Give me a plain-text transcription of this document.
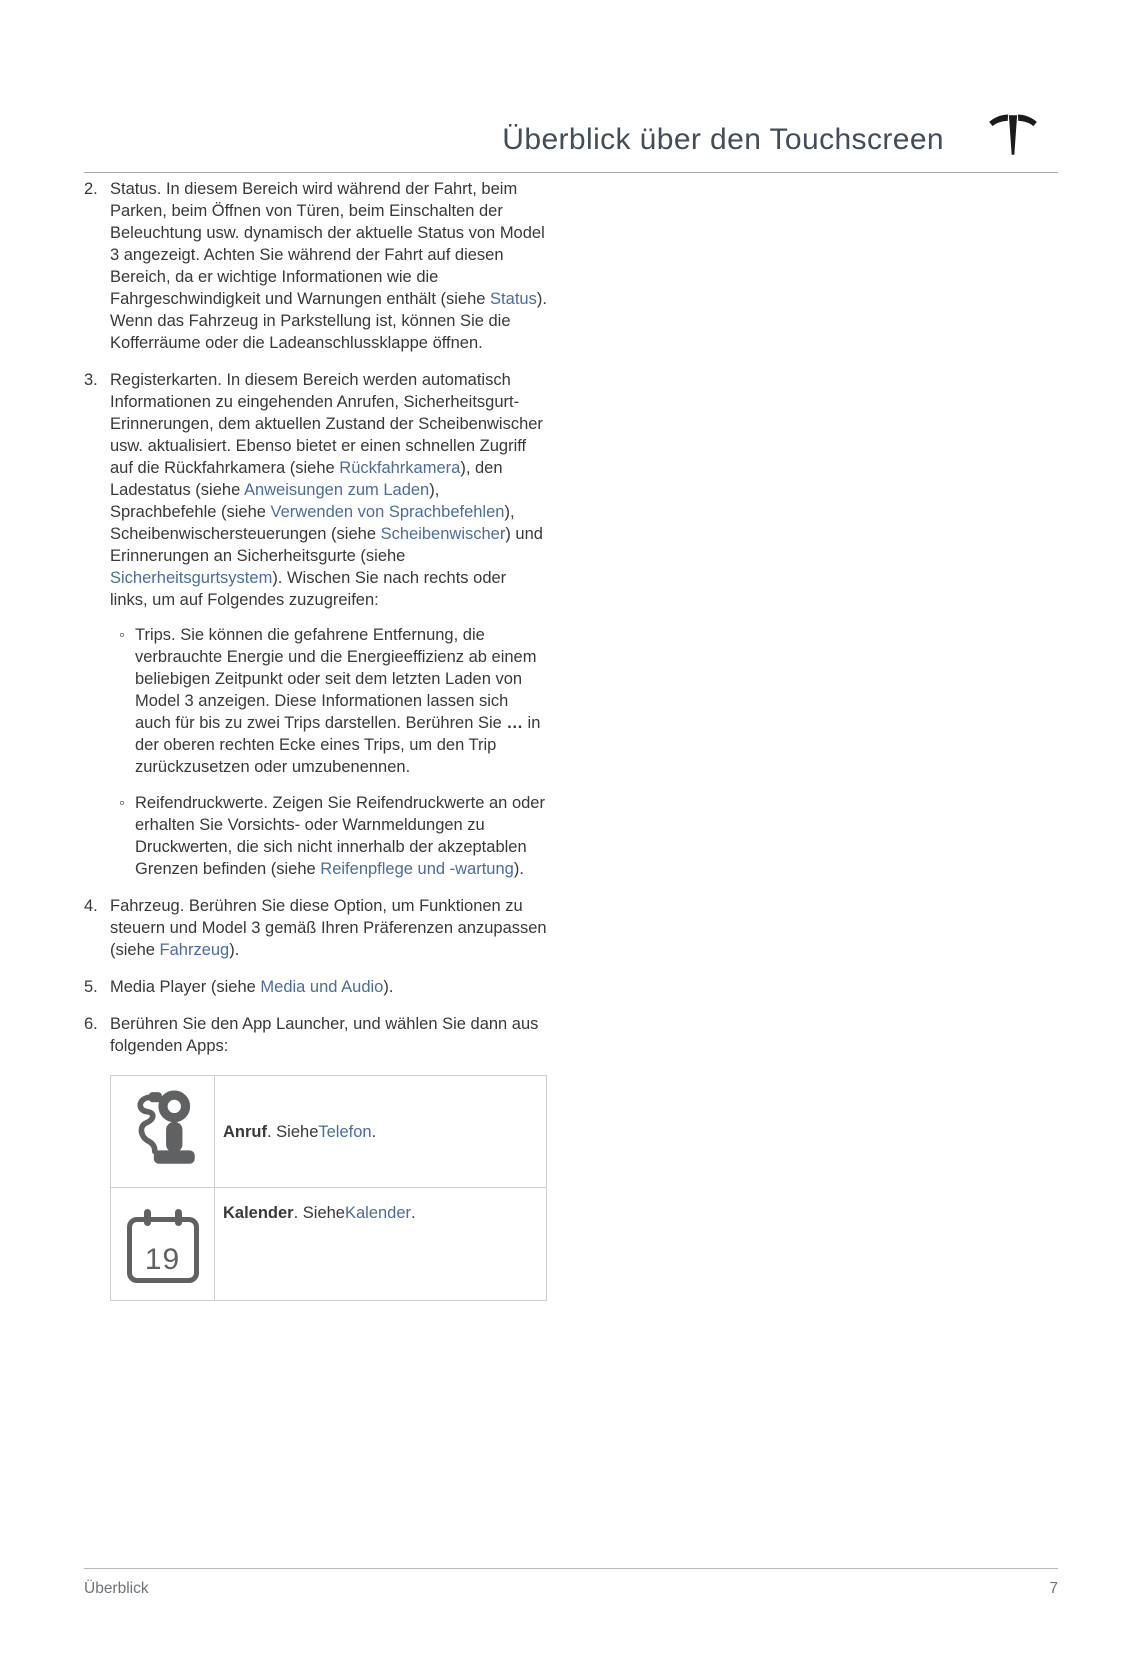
Überblick über den Touchscreen
2. Status. In diesem Bereich wird während der Fahrt, beim Parken, beim Öffnen von Türen, beim Einschalten der Beleuchtung usw. dynamisch der aktuelle Status von Model 3 angezeigt. Achten Sie während der Fahrt auf diesen Bereich, da er wichtige Informationen wie die Fahrgeschwindigkeit und Warnungen enthält (siehe Status). Wenn das Fahrzeug in Parkstellung ist, können Sie die Kofferräume oder die Ladeanschlussklappe öffnen.
3. Registerkarten. In diesem Bereich werden automatisch Informationen zu eingehenden Anrufen, Sicherheitsgurt-Erinnerungen, dem aktuellen Zustand der Scheibenwischer usw. aktualisiert. Ebenso bietet er einen schnellen Zugriff auf die Rückfahrkamera (siehe Rückfahrkamera), den Ladestatus (siehe Anweisungen zum Laden), Sprachbefehle (siehe Verwenden von Sprachbefehlen), Scheibenwischersteuerungen (siehe Scheibenwischer) und Erinnerungen an Sicherheitsgurte (siehe Sicherheitsgurtsystem). Wischen Sie nach rechts oder links, um auf Folgendes zuzugreifen:
◦ Trips. Sie können die gefahrene Entfernung, die verbrauchte Energie und die Energieeffizienz ab einem beliebigen Zeitpunkt oder seit dem letzten Laden von Model 3 anzeigen. Diese Informationen lassen sich auch für bis zu zwei Trips darstellen. Berühren Sie … in der oberen rechten Ecke eines Trips, um den Trip zurückzusetzen oder umzubenennen.
◦ Reifendruckwerte. Zeigen Sie Reifendruckwerte an oder erhalten Sie Vorsichts- oder Warnmeldungen zu Druckwerten, die sich nicht innerhalb der akzeptablen Grenzen befinden (siehe Reifenpflege und -wartung).
4. Fahrzeug. Berühren Sie diese Option, um Funktionen zu steuern und Model 3 gemäß Ihren Präferenzen anzupassen (siehe Fahrzeug).
5. Media Player (siehe Media und Audio).
6. Berühren Sie den App Launcher, und wählen Sie dann aus folgenden Apps:
Anruf . Siehe Telefon .
19
Kalender . Siehe Kalender .
Überblick	7
